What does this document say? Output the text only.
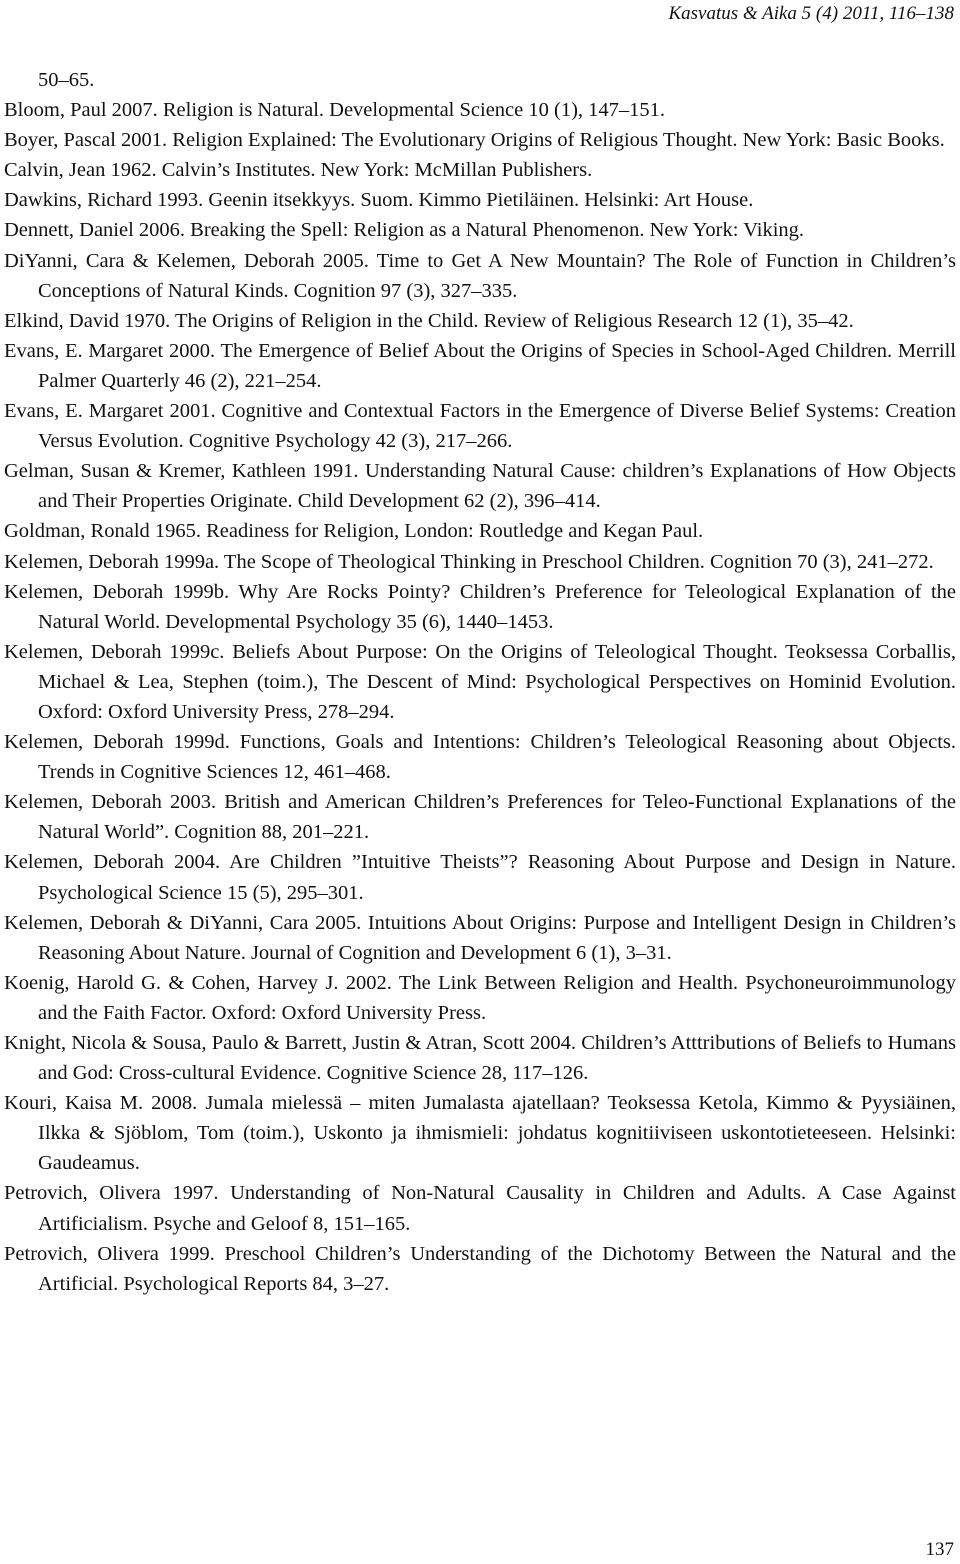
Kasvatus & Aika 5 (4) 2011, 116–138
50–65.
Bloom, Paul 2007. Religion is Natural. Developmental Science 10 (1), 147–151.
Boyer, Pascal 2001. Religion Explained: The Evolutionary Origins of Religious Thought. New York: Basic Books.
Calvin, Jean 1962. Calvin’s Institutes. New York: McMillan Publishers.
Dawkins, Richard 1993. Geenin itsekkyys. Suom. Kimmo Pietiläinen. Helsinki: Art House.
Dennett, Daniel 2006. Breaking the Spell: Religion as a Natural Phenomenon. New York: Viking.
DiYanni, Cara & Kelemen, Deborah 2005. Time to Get A New Mountain? The Role of Function in Children’s Conceptions of Natural Kinds. Cognition 97 (3), 327–335.
Elkind, David 1970. The Origins of Religion in the Child. Review of Religious Research 12 (1), 35–42.
Evans, E. Margaret 2000. The Emergence of Belief About the Origins of Species in School-Aged Children. Merrill Palmer Quarterly 46 (2), 221–254.
Evans, E. Margaret 2001. Cognitive and Contextual Factors in the Emergence of Diverse Belief Systems: Creation Versus Evolution. Cognitive Psychology 42 (3), 217–266.
Gelman, Susan & Kremer, Kathleen 1991. Understanding Natural Cause: children’s Explanations of How Objects and Their Properties Originate. Child Development 62 (2), 396–414.
Goldman, Ronald 1965. Readiness for Religion, London: Routledge and Kegan Paul.
Kelemen, Deborah 1999a. The Scope of Theological Thinking in Preschool Children. Cognition 70 (3), 241–272.
Kelemen, Deborah 1999b. Why Are Rocks Pointy? Children’s Preference for Teleological Explanation of the Natural World. Developmental Psychology 35 (6), 1440–1453.
Kelemen, Deborah 1999c. Beliefs About Purpose: On the Origins of Teleological Thought. Teoksessa Corballis, Michael & Lea, Stephen (toim.), The Descent of Mind: Psychological Perspectives on Hominid Evolution. Oxford: Oxford University Press, 278–294.
Kelemen, Deborah 1999d. Functions, Goals and Intentions: Children’s Teleological Reasoning about Objects. Trends in Cognitive Sciences 12, 461–468.
Kelemen, Deborah 2003. British and American Children’s Preferences for Teleo-Functional Explanations of the Natural World”. Cognition 88, 201–221.
Kelemen, Deborah 2004. Are Children ”Intuitive Theists”? Reasoning About Purpose and Design in Nature. Psychological Science 15 (5), 295–301.
Kelemen, Deborah & DiYanni, Cara 2005. Intuitions About Origins: Purpose and Intelligent Design in Children’s Reasoning About Nature. Journal of Cognition and Development 6 (1), 3–31.
Koenig, Harold G. & Cohen, Harvey J. 2002. The Link Between Religion and Health. Psychoneuroimmunology and the Faith Factor. Oxford: Oxford University Press.
Knight, Nicola & Sousa, Paulo & Barrett, Justin & Atran, Scott 2004. Children’s Atttributions of Beliefs to Humans and God: Cross-cultural Evidence. Cognitive Science 28, 117–126.
Kouri, Kaisa M. 2008. Jumala mielessä – miten Jumalasta ajatellaan? Teoksessa Ketola, Kimmo & Pyysiäinen, Ilkka & Sjöblom, Tom (toim.), Uskonto ja ihmismieli: johdatus kognitiiviseen uskontotieteeseen. Helsinki: Gaudeamus.
Petrovich, Olivera 1997. Understanding of Non-Natural Causality in Children and Adults. A Case Against Artificialism. Psyche and Geloof 8, 151–165.
Petrovich, Olivera 1999. Preschool Children’s Understanding of the Dichotomy Between the Natural and the Artificial. Psychological Reports 84, 3–27.
137
